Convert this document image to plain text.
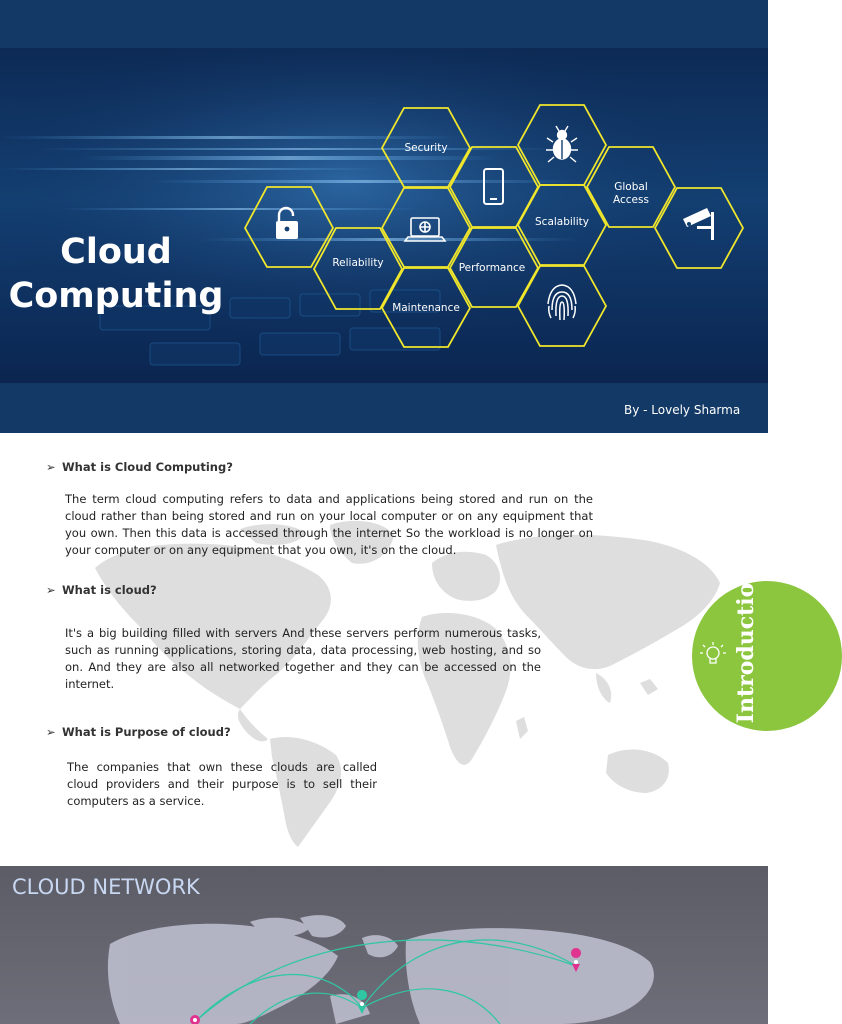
Cloud
Computing
Security
Reliability	Performance
Maintenance
Scalability
Global
Access
By - Lovely Sharma
➢ What is Cloud Computing?

The term cloud computing refers to data and applications being stored and run on the cloud rather than being stored and run on your local computer or on any equipment that you own. Then this data is accessed through the internet So the workload is no longer on your computer or on any equipment that you own, it's on the cloud.

➢ What is cloud?

It's a big building filled with servers And these servers perform numerous tasks, such as running applications, storing data, data processing, web hosting, and so on. And they are also all networked together and they can be accessed on the internet.

➢ What is Purpose of cloud?

The companies that own these clouds are called cloud providers and their purpose is to sell their computers as a service.

Introductio
CLOUD NETWORK
